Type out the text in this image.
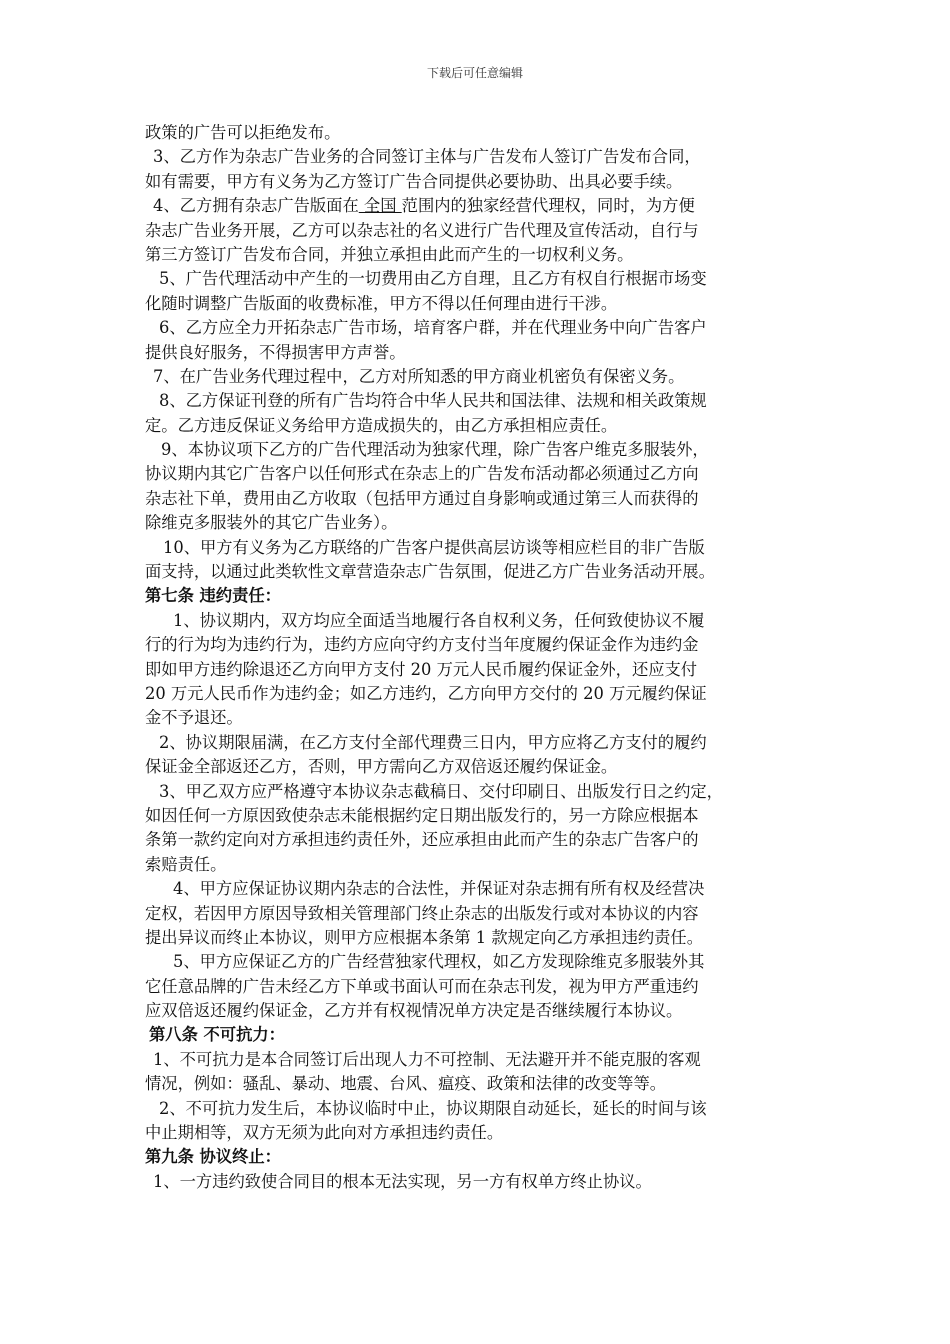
下载后可任意编辑
政策的广告可以拒绝发布。
3、乙方作为杂志广告业务的合同签订主体与广告发布人签订广告发布合同，
如有需要，甲方有义务为乙方签订广告合同提供必要协助、出具必要手续。
4、乙方拥有杂志广告版面在 全国 范围内的独家经营代理权，同时，为方便
杂志广告业务开展，乙方可以杂志社的名义进行广告代理及宣传活动，自行与
第三方签订广告发布合同，并独立承担由此而产生的一切权利义务。
5、广告代理活动中产生的一切费用由乙方自理，且乙方有权自行根据市场变
化随时调整广告版面的收费标准，甲方不得以任何理由进行干涉。
6、乙方应全力开拓杂志广告市场，培育客户群，并在代理业务中向广告客户
提供良好服务，不得损害甲方声誉。
7、在广告业务代理过程中，乙方对所知悉的甲方商业机密负有保密义务。
8、乙方保证刊登的所有广告均符合中华人民共和国法律、法规和相关政策规
定。乙方违反保证义务给甲方造成损失的，由乙方承担相应责任。
9、本协议项下乙方的广告代理活动为独家代理，除广告客户维克多服装外，
协议期内其它广告客户以任何形式在杂志上的广告发布活动都必须通过乙方向
杂志社下单，费用由乙方收取（包括甲方通过自身影响或通过第三人而获得的
除维克多服装外的其它广告业务）。
10、甲方有义务为乙方联络的广告客户提供高层访谈等相应栏目的非广告版
面支持，以通过此类软性文章营造杂志广告氛围，促进乙方广告业务活动开展。
第七条 违约责任：
1、协议期内，双方均应全面适当地履行各自权利义务，任何致使协议不履
行的行为均为违约行为，违约方应向守约方支付当年度履约保证金作为违约金
即如甲方违约除退还乙方向甲方支付 20 万元人民币履约保证金外，还应支付
20 万元人民币作为违约金；如乙方违约，乙方向甲方交付的 20 万元履约保证
金不予退还。
2、协议期限届满，在乙方支付全部代理费三日内，甲方应将乙方支付的履约
保证金全部返还乙方，否则，甲方需向乙方双倍返还履约保证金。
3、甲乙双方应严格遵守本协议杂志截稿日、交付印刷日、出版发行日之约定，
如因任何一方原因致使杂志未能根据约定日期出版发行的，另一方除应根据本
条第一款约定向对方承担违约责任外，还应承担由此而产生的杂志广告客户的
索赔责任。
4、甲方应保证协议期内杂志的合法性，并保证对杂志拥有所有权及经营决
定权，若因甲方原因导致相关管理部门终止杂志的出版发行或对本协议的内容
提出异议而终止本协议，则甲方应根据本条第 1 款规定向乙方承担违约责任。
5、甲方应保证乙方的广告经营独家代理权，如乙方发现除维克多服装外其
它任意品牌的广告未经乙方下单或书面认可而在杂志刊发，视为甲方严重违约
应双倍返还履约保证金，乙方并有权视情况单方决定是否继续履行本协议。
第八条 不可抗力：
1、不可抗力是本合同签订后出现人力不可控制、无法避开并不能克服的客观
情况，例如：骚乱、暴动、地震、台风、瘟疫、政策和法律的改变等等。
2、不可抗力发生后，本协议临时中止，协议期限自动延长，延长的时间与该
中止期相等，双方无须为此向对方承担违约责任。
第九条 协议终止：
1、一方违约致使合同目的根本无法实现，另一方有权单方终止协议。
